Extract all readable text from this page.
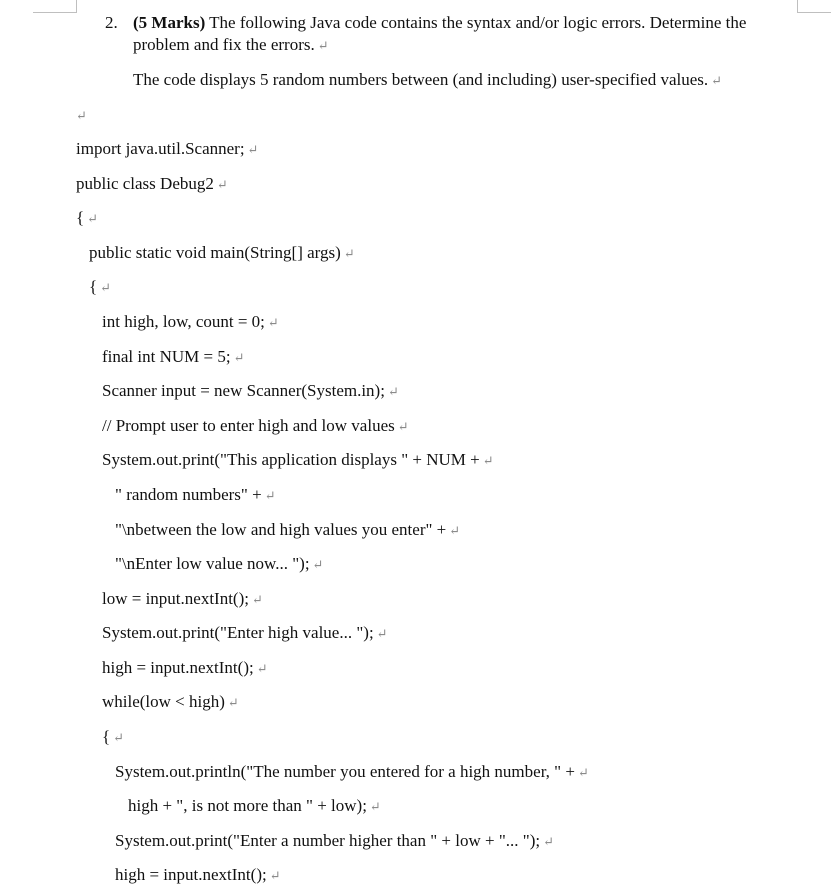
2. (5 Marks) The following Java code contains the syntax and/or logic errors. Determine the problem and fix the errors. ↵
The code displays 5 random numbers between (and including) user-specified values. ↵
↵
import java.util.Scanner; ↵
public class Debug2 ↵
{ ↵
public static void main(String[] args) ↵
{ ↵
int high, low, count = 0; ↵
final int NUM = 5; ↵
Scanner input = new Scanner(System.in); ↵
// Prompt user to enter high and low values ↵
System.out.print("This application displays " + NUM + ↵
" random numbers" + ↵
"\nbetween the low and high values you enter" + ↵
"\nEnter low value now... "); ↵
low = input.nextInt(); ↵
System.out.print("Enter high value... "); ↵
high = input.nextInt(); ↵
while(low < high) ↵
{ ↵
System.out.println("The number you entered for a high number, " + ↵
high + ", is not more than " + low); ↵
System.out.print("Enter a number higher than " + low + "... "); ↵
high = input.nextInt(); ↵
